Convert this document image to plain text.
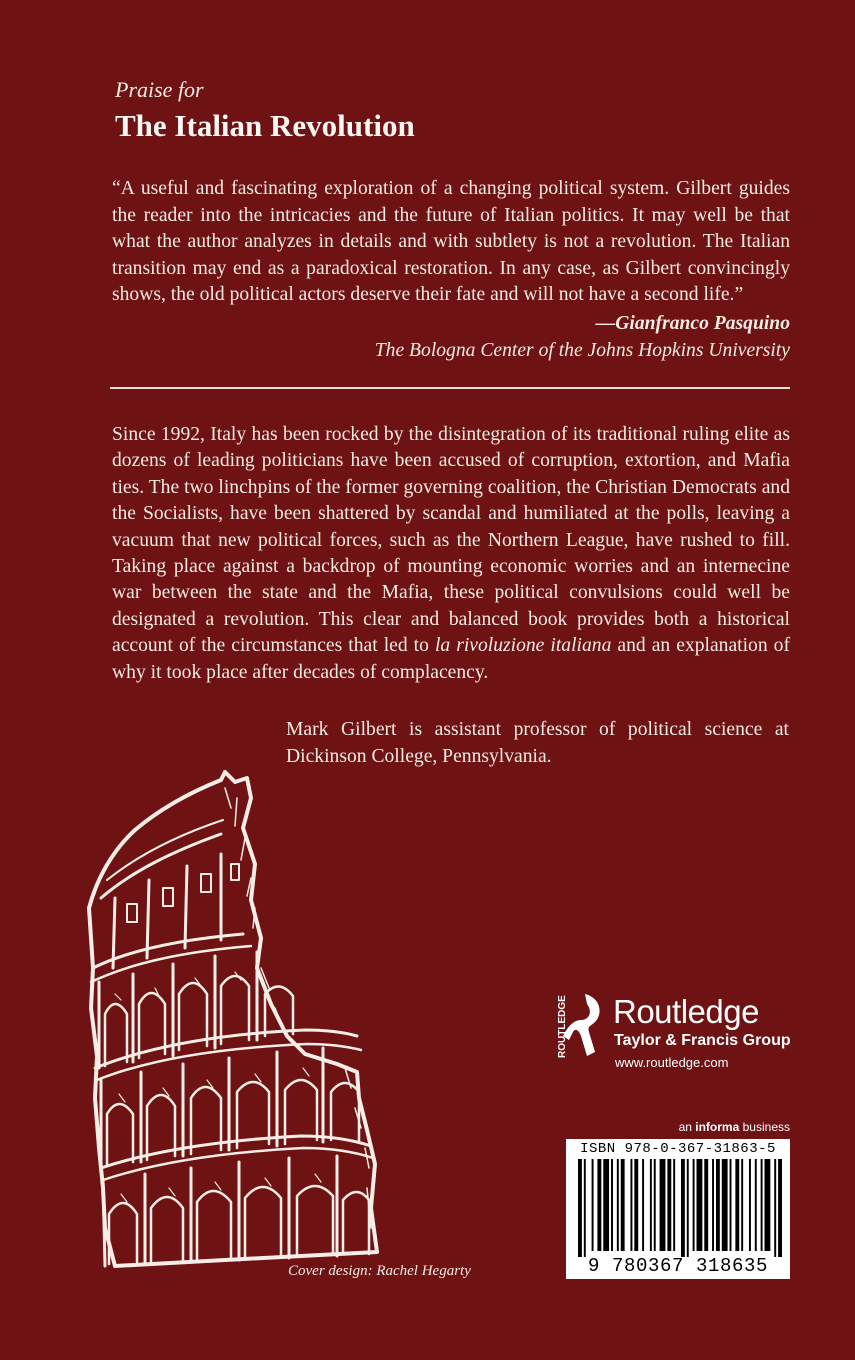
Praise for
The Italian Revolution
“A useful and fascinating exploration of a changing political system. Gilbert guides the reader into the intricacies and the future of Italian politics. It may well be that what the author analyzes in details and with subtlety is not a revolution. The Italian transition may end as a paradoxical restoration. In any case, as Gilbert convincingly shows, the old political actors deserve their fate and will not have a second life.”
—Gianfranco Pasquino
The Bologna Center of the Johns Hopkins University
Since 1992, Italy has been rocked by the disintegration of its traditional ruling elite as dozens of leading politicians have been accused of corruption, extortion, and Mafia ties. The two linchpins of the former governing coalition, the Christian Democrats and the Socialists, have been shattered by scandal and humiliated at the polls, leaving a vacuum that new political forces, such as the Northern League, have rushed to fill. Taking place against a backdrop of mounting economic worries and an internecine war between the state and the Mafia, these political convulsions could well be designated a revolution. This clear and balanced book provides both a historical account of the circumstances that led to la rivoluzione italiana and an explanation of why it took place after decades of complacency.
Mark Gilbert is assistant professor of political science at Dickinson College, Pennsylvania.
Cover design: Rachel Hegarty
ROUTLEDGE Routledge
Taylor & Francis Group
www.routledge.com
an informa business
ISBN 978-0-367-31863-5
9 780367 318635
